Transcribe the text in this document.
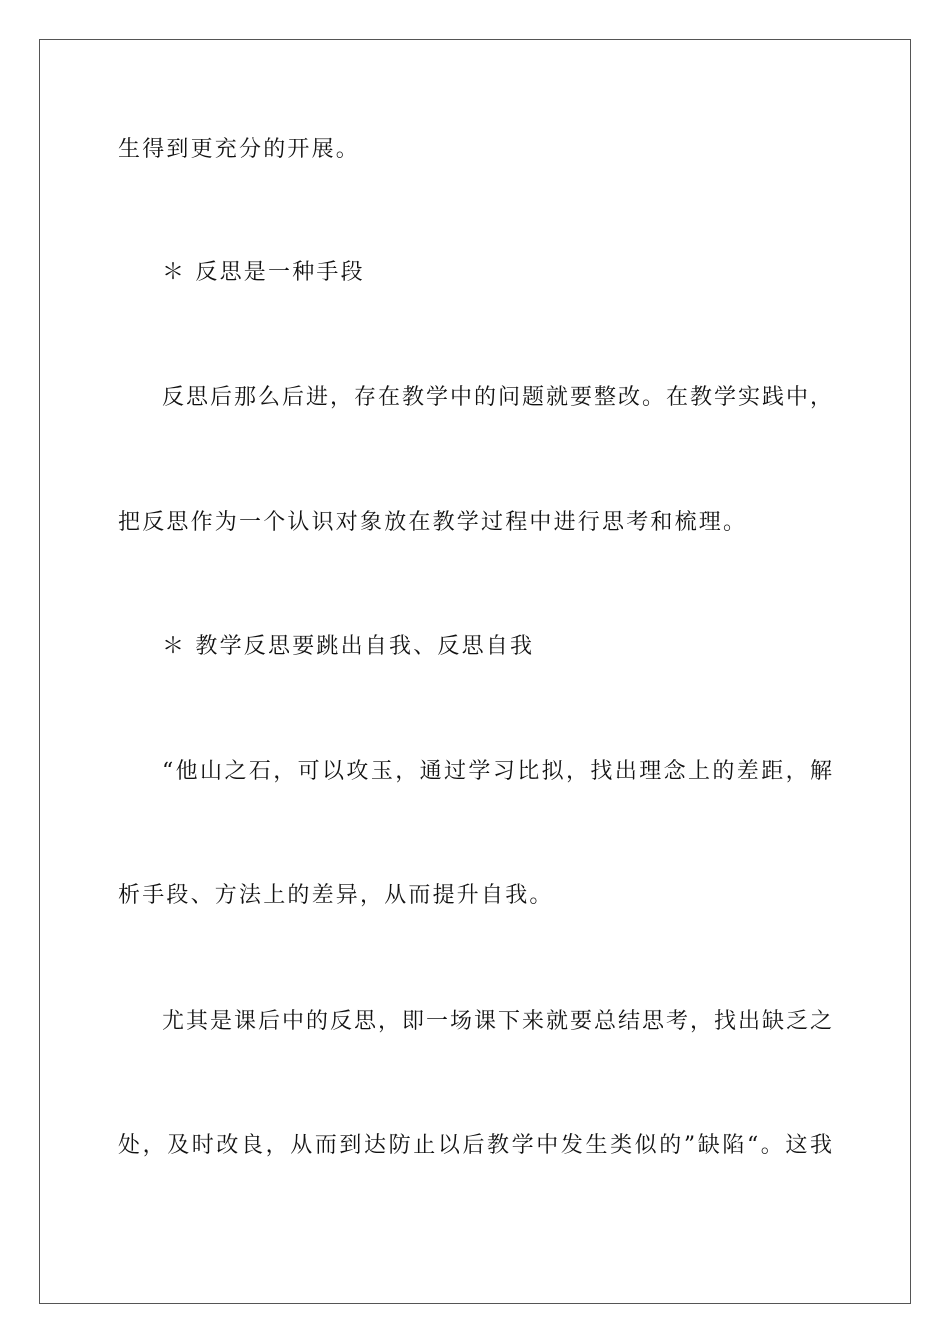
生得到更充分的开展。
＊ 反思是一种手段
反思后那么后进，存在教学中的问题就要整改。在教学实践中，
把反思作为一个认识对象放在教学过程中进行思考和梳理。
＊ 教学反思要跳出自我、反思自我
“他山之石，可以攻玉，通过学习比拟，找出理念上的差距，解
析手段、方法上的差异，从而提升自我。
尤其是课后中的反思，即一场课下来就要总结思考，找出缺乏之
处，及时改良，从而到达防止以后教学中发生类似的”缺陷“。这我
